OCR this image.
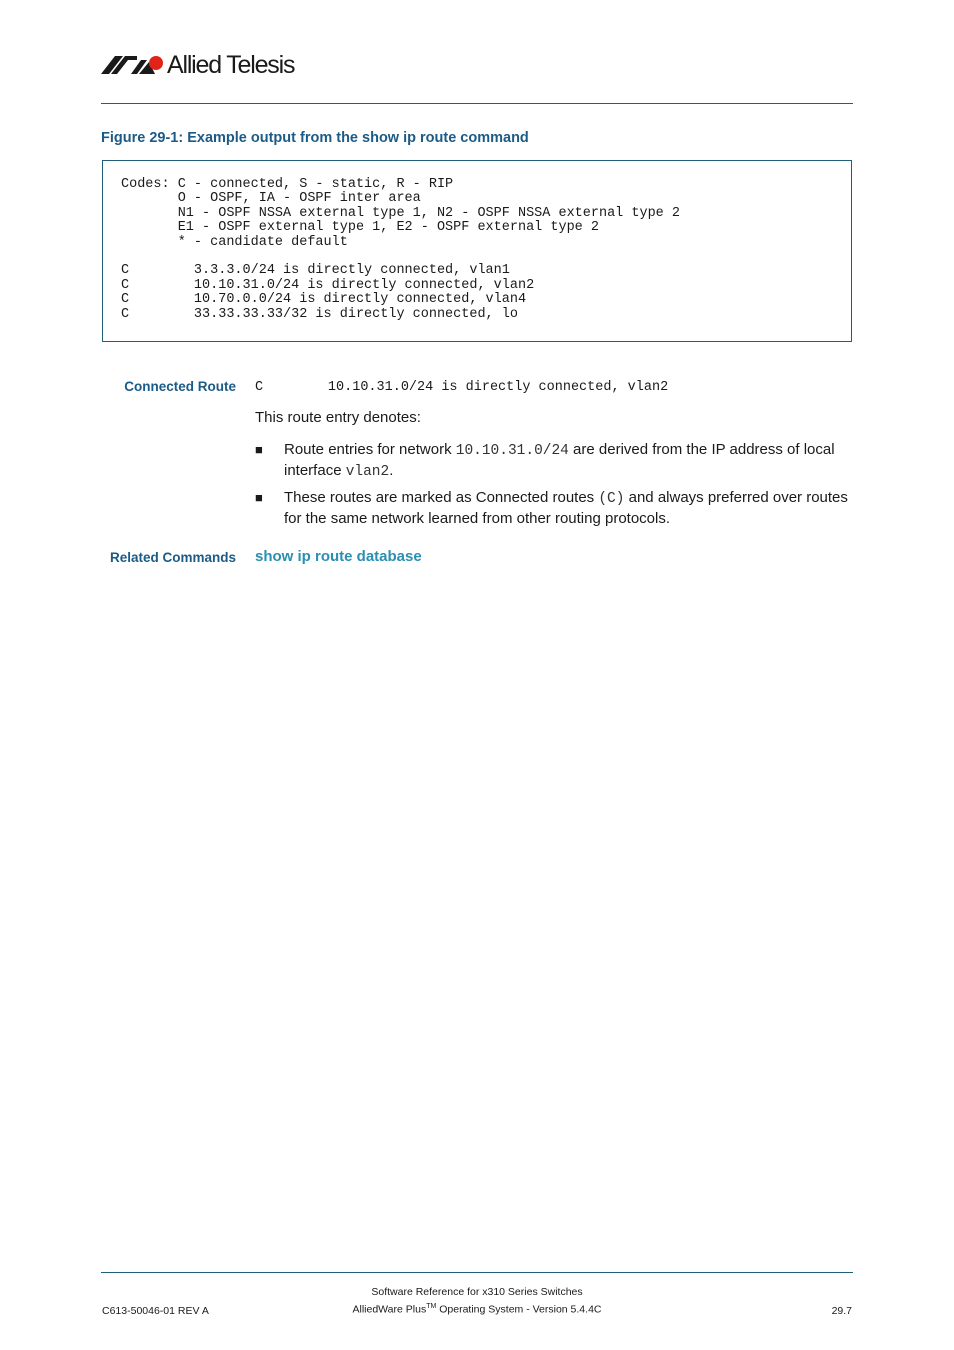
Allied Telesis
Figure 29-1: Example output from the show ip route command
Codes: C - connected, S - static, R - RIP
O - OSPF, IA - OSPF inter area
N1 - OSPF NSSA external type 1, N2 - OSPF NSSA external type 2
E1 - OSPF external type 1, E2 - OSPF external type 2
* - candidate default

C        3.3.3.0/24 is directly connected, vlan1
C        10.10.31.0/24 is directly connected, vlan2
C        10.70.0.0/24 is directly connected, vlan4
C        33.33.33.33/32 is directly connected, lo
Connected Route C        10.10.31.0/24 is directly connected, vlan2
This route entry denotes:
■ Route entries for network 10.10.31.0/24 are derived from the IP address of local interface vlan2.
■ These routes are marked as Connected routes (C) and always preferred over routes for the same network learned from other routing protocols.
Related Commands show ip route database
C613-50046-01 REV A
Software Reference for x310 Series Switches
AlliedWare Plus™ Operating System - Version 5.4.4C	29.7
